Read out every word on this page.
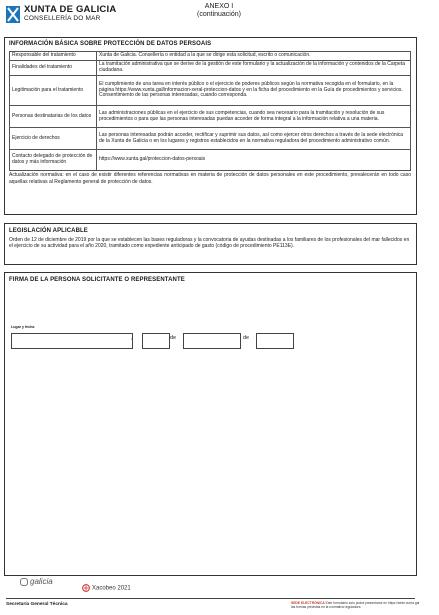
XUNTA DE GALICIA
CONSELLERÍA DO MAR
ANEXO I
(continuación)
INFORMACIÓN BÁSICA SOBRE PROTECCIÓN DE DATOS PERSOAIS
Responsable del tratamiento	Xunta de Galicia. Consellería o entidad a la que se dirige esta solicitud, escrito o comunicación.
Finalidades del tratamiento	La tramitación administrativa que se derive de la gestión de este formulario y la actualización de la información y contenidos de la Carpeta ciudadana.
Legitimación para el tratamiento	El cumplimiento de una tarea en interés público o el ejercicio de poderes públicos según la normativa recogida en el formulario, en la página https://www.xunta.gal/informacion-xeral-proteccion-datos y en la ficha del procedimiento en la Guía de procedimientos y servicios. Consentimiento de las personas interesadas, cuando corresponda.
Personas destinatarias de los datos	Las administraciones públicas en el ejercicio de sus competencias, cuando sea necesario para la tramitación y resolución de sus procedimientos o para que las personas interesadas puedan acceder de forma integral a la información relativa a una materia.
Ejercicio de derechos	Las personas interesadas podrán acceder, rectificar y suprimir sus datos, así como ejercer otros derechos a través de la sede electrónica de la Xunta de Galicia o en los lugares y registros establecidos en la normativa reguladora del procedimiento administrativo común.
Contacto delegado de protección de datos y más información	https://www.xunta.gal/proteccion-datos-persoais
Actualización normativa: en el caso de existir diferentes referencias normativas en materia de protección de datos personales en este procedimiento, prevalecerán en todo caso aquellas relativas al Reglamento general de protección de datos.
LEGISLACIÓN APLICABLE
Orden de 12 de diciembre de 2019 por la que se establecen las bases reguladoras y la convocatoria de ayudas destinadas a los familiares de los profesionales del mar fallecidos en el ejercicio de su actividad para el año 2020, tramitado como expediente anticipado de gasto (código de procedimiento PE113E).
FIRMA DE LA PERSONA SOLICITANTE O REPRESENTANTE
Lugar y fecha
,	de	de
galicia
Xacobeo 2021
Secretaría General Técnica	SEDE ELECTRÓNICA Este formulario solo podrá presentarse en https://sede.xunta.gal las formas previstas en la normativa reguladora
